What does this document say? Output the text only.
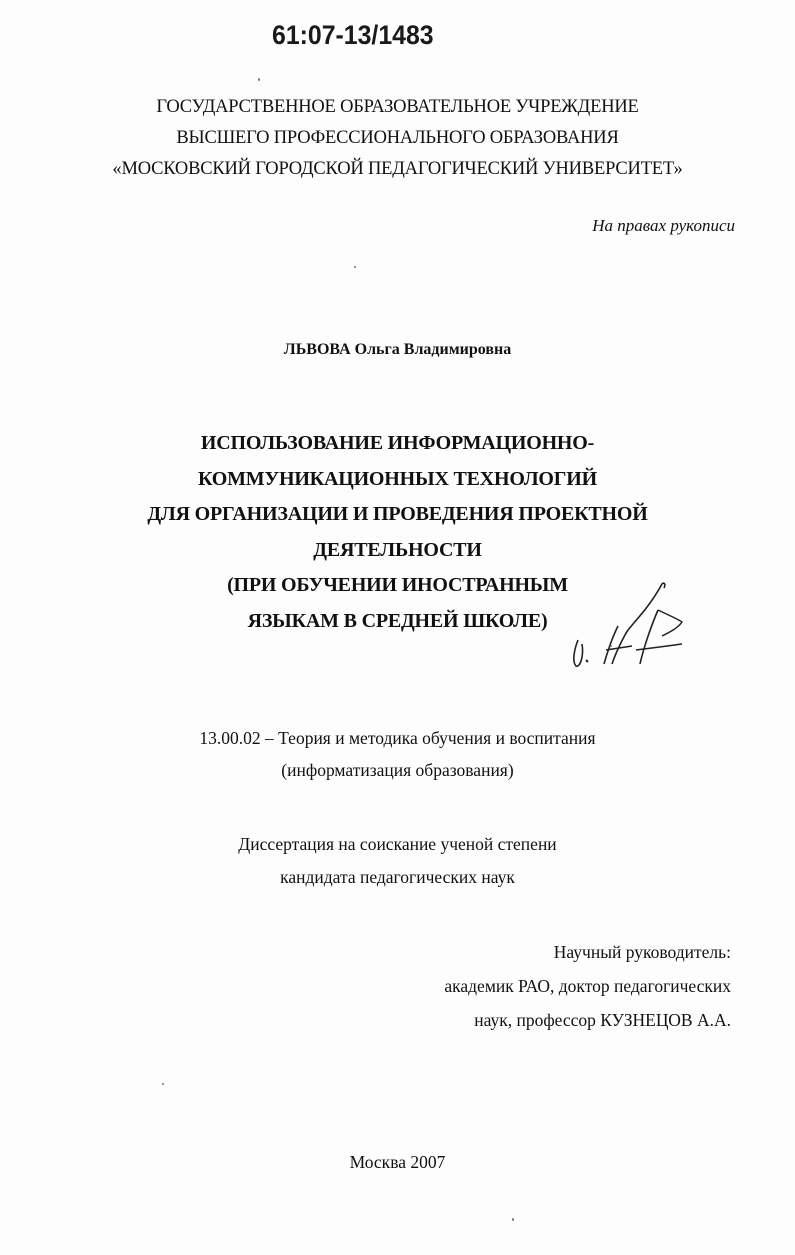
61:07-13/1483
ГОСУДАРСТВЕННОЕ ОБРАЗОВАТЕЛЬНОЕ УЧРЕЖДЕНИЕ
ВЫСШЕГО ПРОФЕССИОНАЛЬНОГО ОБРАЗОВАНИЯ
«МОСКОВСКИЙ ГОРОДСКОЙ ПЕДАГОГИЧЕСКИЙ УНИВЕРСИТЕТ»
На правах рукописи
ЛЬВОВА Ольга Владимировна
ИСПОЛЬЗОВАНИЕ ИНФОРМАЦИОННО-
КОММУНИКАЦИОННЫХ ТЕХНОЛОГИЙ
ДЛЯ ОРГАНИЗАЦИИ И ПРОВЕДЕНИЯ ПРОЕКТНОЙ
ДЕЯТЕЛЬНОСТИ
(ПРИ ОБУЧЕНИИ ИНОСТРАННЫМ
ЯЗЫКАМ В СРЕДНЕЙ ШКОЛЕ)
13.00.02 – Теория и методика обучения и воспитания
(информатизация образования)
Диссертация на соискание ученой степени
кандидата педагогических наук
Научный руководитель:
академик РАО, доктор педагогических
наук, профессор КУЗНЕЦОВ А.А.
Москва 2007
